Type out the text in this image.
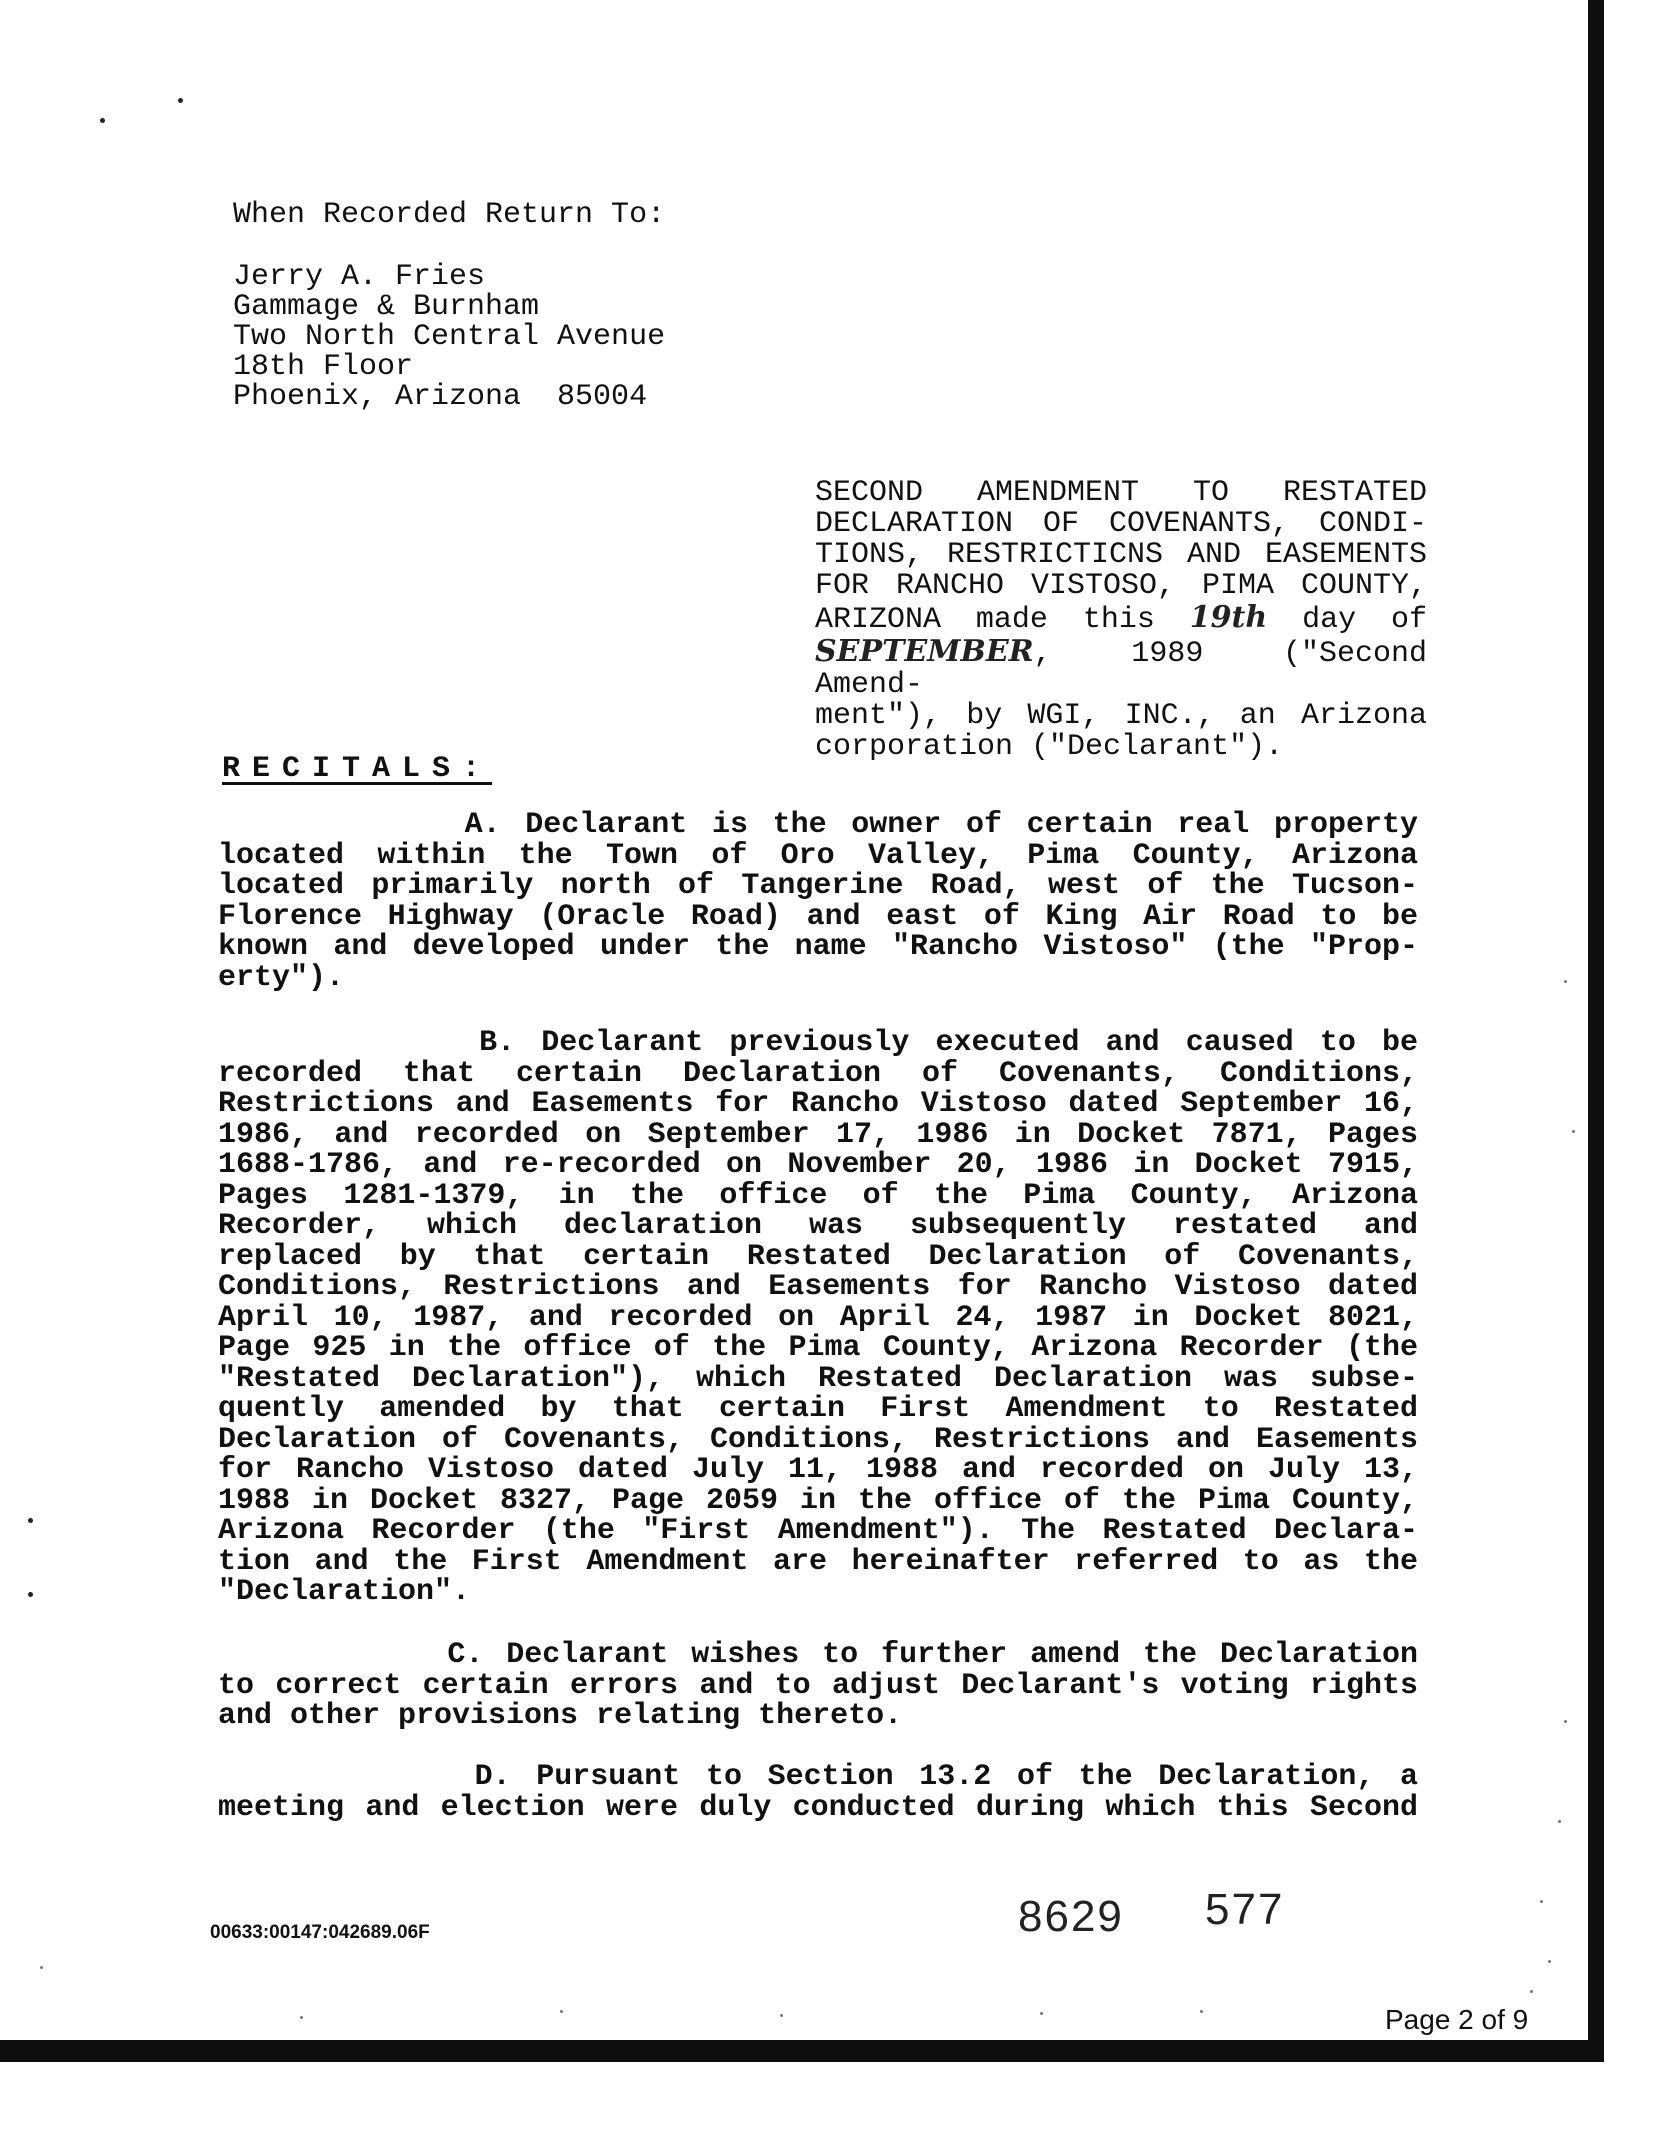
When Recorded Return To:
Jerry A. Fries
Gammage & Burnham
Two North Central Avenue
18th Floor
Phoenix, Arizona  85004
SECOND AMENDMENT TO RESTATED
DECLARATION OF COVENANTS, CONDI-
TIONS, RESTRICTICNS AND EASEMENTS
FOR RANCHO VISTOSO, PIMA COUNTY,
ARIZONA made this 19th day of
SEPTEMBER, 1989 ("Second Amend-
ment"), by WGI, INC., an Arizona
corporation ("Declarant").
RECITALS:
A. Declarant is the owner of certain real property
located within the Town of Oro Valley, Pima County, Arizona
located primarily north of Tangerine Road, west of the Tucson-
Florence Highway (Oracle Road) and east of King Air Road to be
known and developed under the name "Rancho Vistoso" (the "Prop-
erty").
B. Declarant previously executed and caused to be
recorded that certain Declaration of Covenants, Conditions,
Restrictions and Easements for Rancho Vistoso dated September 16,
1986, and recorded on September 17, 1986 in Docket 7871, Pages
1688-1786, and re-recorded on November 20, 1986 in Docket 7915,
Pages 1281-1379, in the office of the Pima County, Arizona
Recorder, which declaration was subsequently restated and
replaced by that certain Restated Declaration of Covenants,
Conditions, Restrictions and Easements for Rancho Vistoso dated
April 10, 1987, and recorded on April 24, 1987 in Docket 8021,
Page 925 in the office of the Pima County, Arizona Recorder (the
"Restated Declaration"), which Restated Declaration was subse-
quently amended by that certain First Amendment to Restated
Declaration of Covenants, Conditions, Restrictions and Easements
for Rancho Vistoso dated July 11, 1988 and recorded on July 13,
1988 in Docket 8327, Page 2059 in the office of the Pima County,
Arizona Recorder (the "First Amendment"). The Restated Declara-
tion and the First Amendment are hereinafter referred to as the
"Declaration".
C. Declarant wishes to further amend the Declaration
to correct certain errors and to adjust Declarant's voting rights
and other provisions relating thereto.
D. Pursuant to Section 13.2 of the Declaration, a
meeting and election were duly conducted during which this Second
00633:00147:042689.06F	8629 577
Page 2 of 9
